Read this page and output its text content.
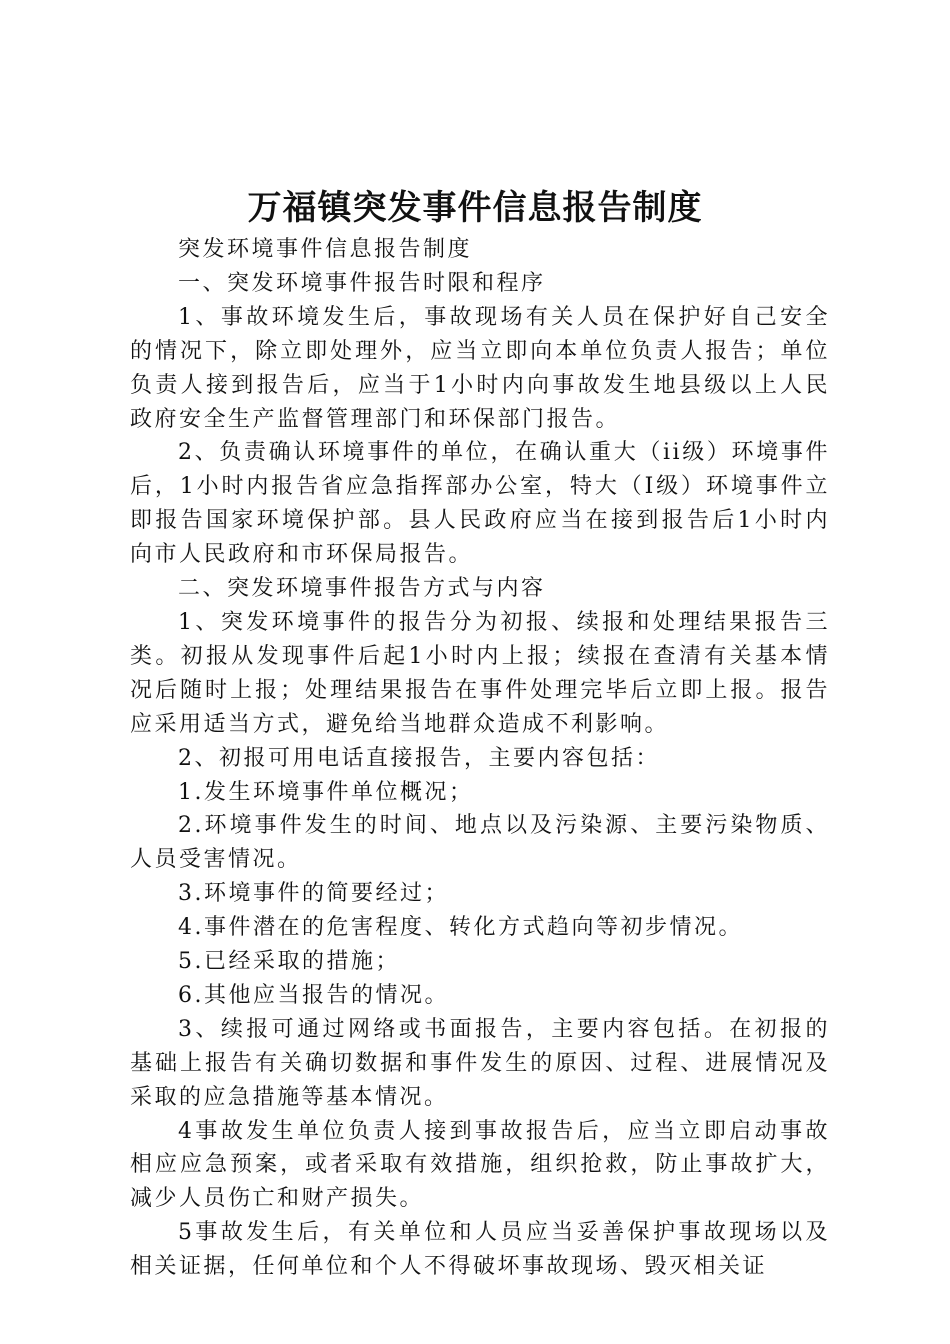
万福镇突发事件信息报告制度

突发环境事件信息报告制度

一、突发环境事件报告时限和程序

1、事故环境发生后，事故现场有关人员在保护好自己安全的情况下，除立即处理外，应当立即向本单位负责人报告；单位负责人接到报告后，应当于1小时内向事故发生地县级以上人民政府安全生产监督管理部门和环保部门报告。

2、负责确认环境事件的单位，在确认重大（ii级）环境事件后，1小时内报告省应急指挥部办公室，特大（Ⅰ级）环境事件立即报告国家环境保护部。县人民政府应当在接到报告后1小时内向市人民政府和市环保局报告。

二、突发环境事件报告方式与内容

1、突发环境事件的报告分为初报、续报和处理结果报告三类。初报从发现事件后起1小时内上报；续报在查清有关基本情况后随时上报；处理结果报告在事件处理完毕后立即上报。报告应采用适当方式，避免给当地群众造成不利影响。

2、初报可用电话直接报告，主要内容包括：

1.发生环境事件单位概况；

2.环境事件发生的时间、地点以及污染源、主要污染物质、人员受害情况。

3.环境事件的简要经过；

4.事件潜在的危害程度、转化方式趋向等初步情况。

5.已经采取的措施；

6.其他应当报告的情况。

3、续报可通过网络或书面报告，主要内容包括。在初报的基础上报告有关确切数据和事件发生的原因、过程、进展情况及采取的应急措施等基本情况。

4事故发生单位负责人接到事故报告后，应当立即启动事故相应应急预案，或者采取有效措施，组织抢救，防止事故扩大，减少人员伤亡和财产损失。

5事故发生后，有关单位和人员应当妥善保护事故现场以及相关证据，任何单位和个人不得破坏事故现场、毁灭相关证
